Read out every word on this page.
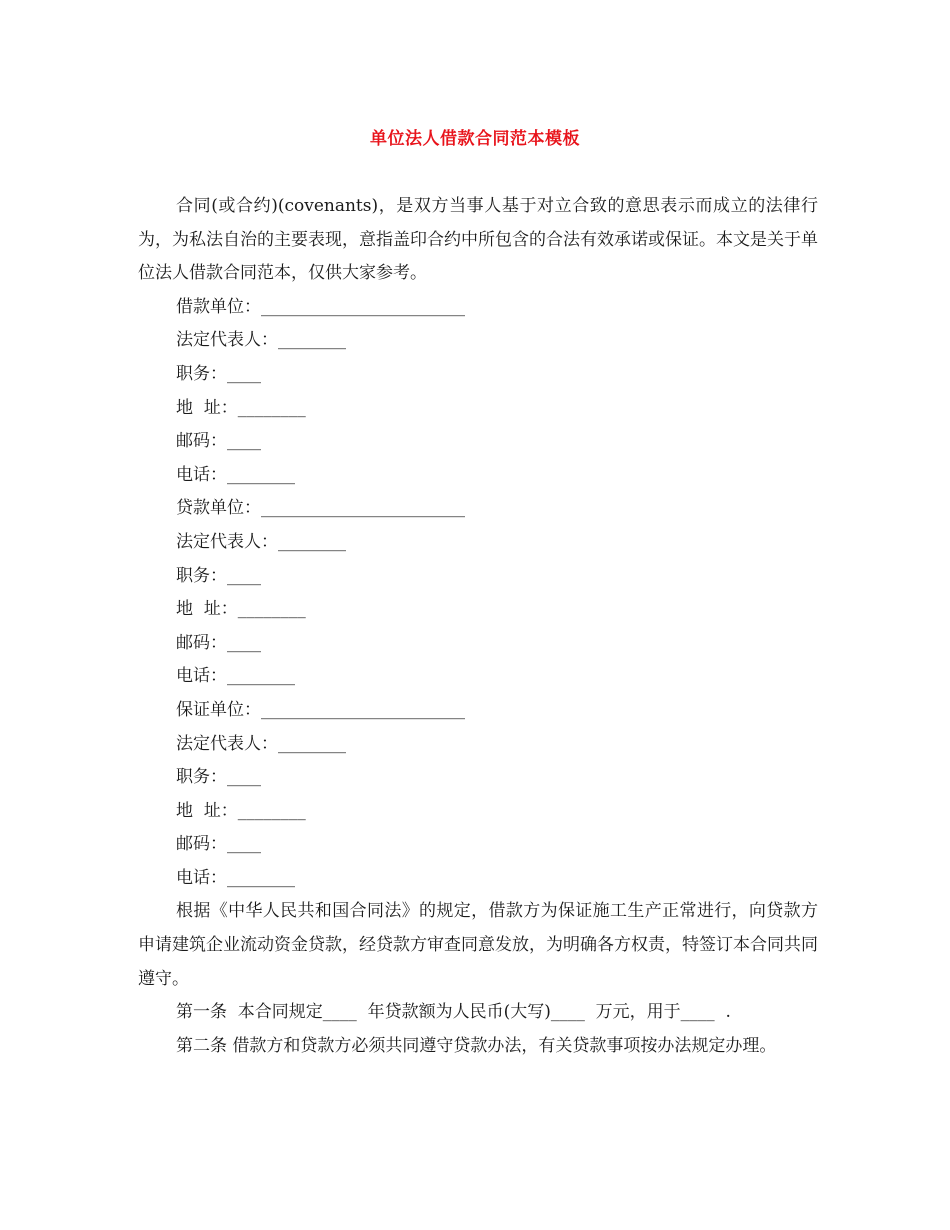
单位法人借款合同范本模板

合同(或合约)(covenants)，是双方当事人基于对立合致的意思表示而成立的法律行为，为私法自治的主要表现，意指盖印合约中所包含的合法有效承诺或保证。本文是关于单位法人借款合同范本，仅供大家参考。

借款单位：________________________

法定代表人：________

职务：____

地  址：________

邮码：____

电话：________

贷款单位：________________________

法定代表人：________

职务：____

地  址：________

邮码：____

电话：________

保证单位：________________________

法定代表人：________

职务：____

地  址：________

邮码：____

电话：________

根据《中华人民共和国合同法》的规定，借款方为保证施工生产正常进行，向贷款方申请建筑企业流动资金贷款，经贷款方审查同意发放，为明确各方权责，特签订本合同共同遵守。

第一条  本合同规定____  年贷款额为人民币(大写)____  万元，用于____  .

第二条 借款方和贷款方必须共同遵守贷款办法，有关贷款事项按办法规定办理。
